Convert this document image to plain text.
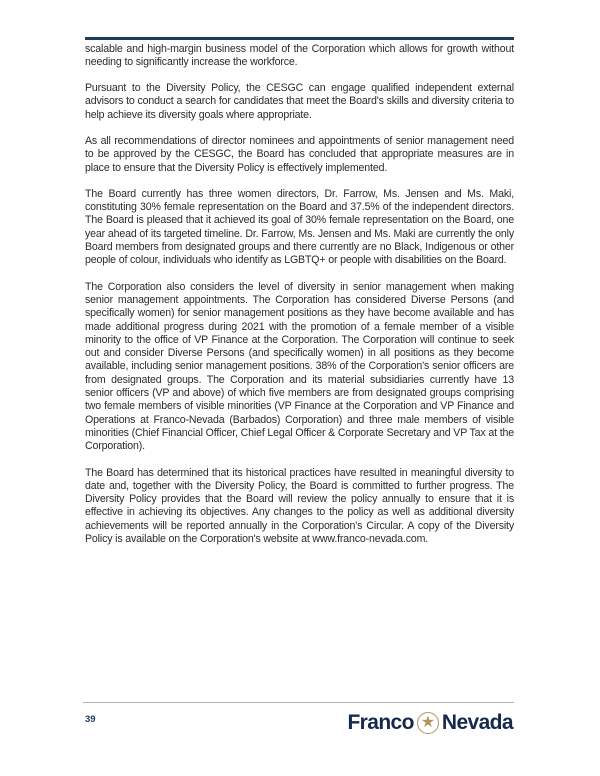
scalable and high-margin business model of the Corporation which allows for growth without needing to significantly increase the workforce.

Pursuant to the Diversity Policy, the CESGC can engage qualified independent external advisors to conduct a search for candidates that meet the Board's skills and diversity criteria to help achieve its diversity goals where appropriate.

As all recommendations of director nominees and appointments of senior management need to be approved by the CESGC, the Board has concluded that appropriate measures are in place to ensure that the Diversity Policy is effectively implemented.

The Board currently has three women directors, Dr. Farrow, Ms. Jensen and Ms. Maki, constituting 30% female representation on the Board and 37.5% of the independent directors. The Board is pleased that it achieved its goal of 30% female representation on the Board, one year ahead of its targeted timeline. Dr. Farrow, Ms. Jensen and Ms. Maki are currently the only Board members from designated groups and there currently are no Black, Indigenous or other people of colour, individuals who identify as LGBTQ+ or people with disabilities on the Board.

The Corporation also considers the level of diversity in senior management when making senior management appointments. The Corporation has considered Diverse Persons (and specifically women) for senior management positions as they have become available and has made additional progress during 2021 with the promotion of a female member of a visible minority to the office of VP Finance at the Corporation. The Corporation will continue to seek out and consider Diverse Persons (and specifically women) in all positions as they become available, including senior management positions. 38% of the Corporation's senior officers are from designated groups. The Corporation and its material subsidiaries currently have 13 senior officers (VP and above) of which five members are from designated groups comprising two female members of visible minorities (VP Finance at the Corporation and VP Finance and Operations at Franco-Nevada (Barbados) Corporation) and three male members of visible minorities (Chief Financial Officer, Chief Legal Officer & Corporate Secretary and VP Tax at the Corporation).

The Board has determined that its historical practices have resulted in meaningful diversity to date and, together with the Diversity Policy, the Board is committed to further progress. The Diversity Policy provides that the Board will review the policy annually to ensure that it is effective in achieving its objectives. Any changes to the policy as well as additional diversity achievements will be reported annually in the Corporation's Circular. A copy of the Diversity Policy is available on the Corporation's website at www.franco-nevada.com.

39	Franco ★ Nevada
